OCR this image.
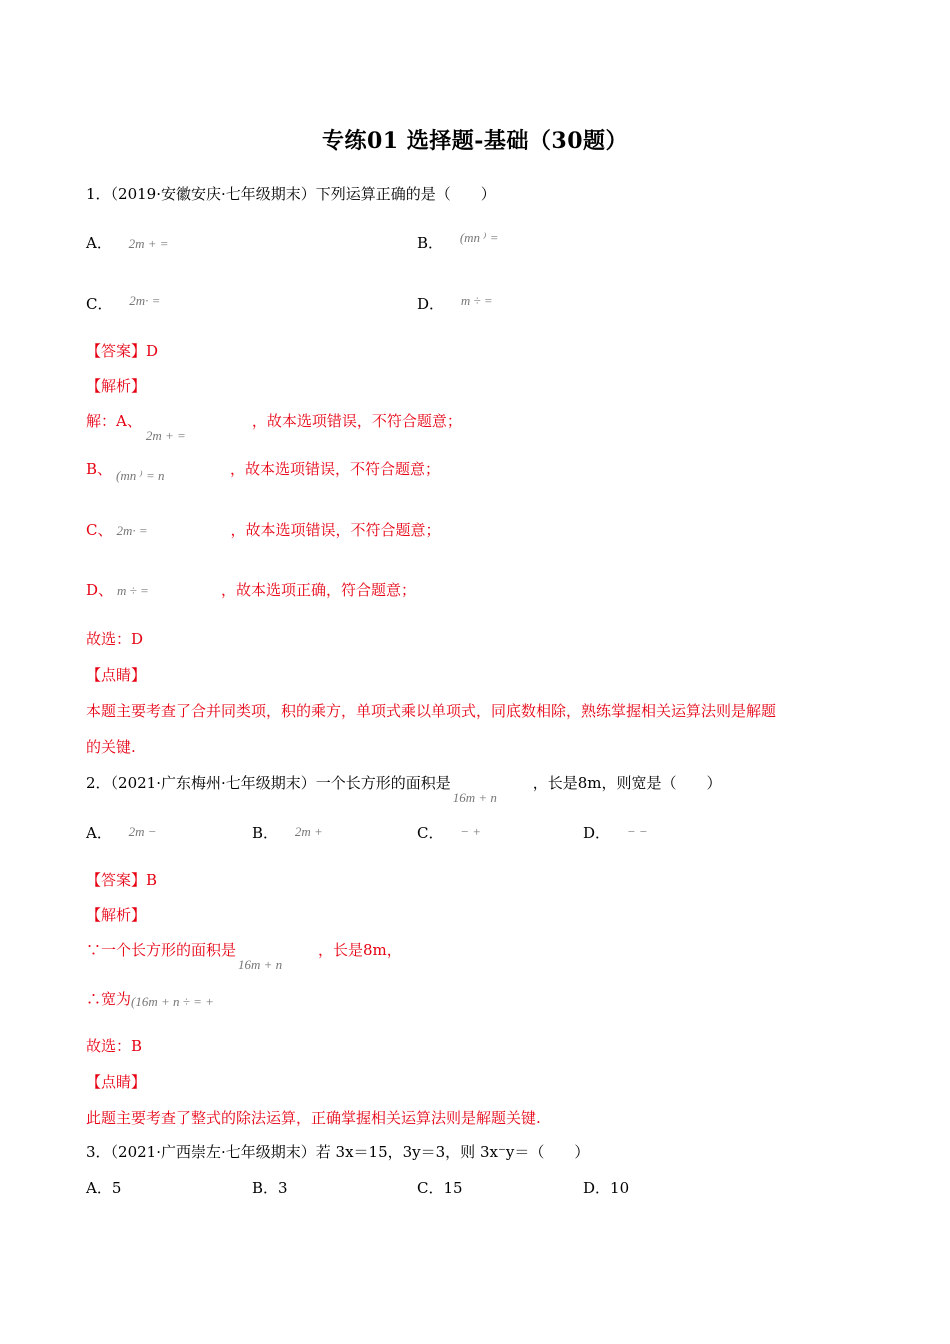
专练01 选择题-基础（30题）
1．（2019·安徽安庆·七年级期末）下列运算正确的是（　　）
A． 2m + =	B． (mn ⁾ =
C． 2m· =	D． m ÷ =
【答案】D
【解析】
解：A、
2m + =
，故本选项错误，不符合题意；
B、 (mn ⁾ = n	，故本选项错误，不符合题意；
C、 2m· =	，故本选项错误，不符合题意；
D、 m ÷ =	，故本选项正确，符合题意；
故选：D
【点睛】
本题主要考查了合并同类项，积的乘方，单项式乘以单项式，同底数相除，熟练掌握相关运算法则是解题
的关键.
2．（2021·广东梅州·七年级期末）一个长方形的面积是
16m + n
，长是8m，则宽是（　　）
A． 2m −	B． 2m +	C． − +	D． − −
【答案】B
【解析】
∵一个长方形的面积是
16m + n
，长是8m，
∴宽为 (16m + n ÷ = +
故选：B
【点睛】
此题主要考查了整式的除法运算，正确掌握相关运算法则是解题关键.
3．（2021·广西崇左·七年级期末）若 3x＝15，3y＝3，则 3x⁻y＝（　　）
A．5	B．3	C．15	D．10
